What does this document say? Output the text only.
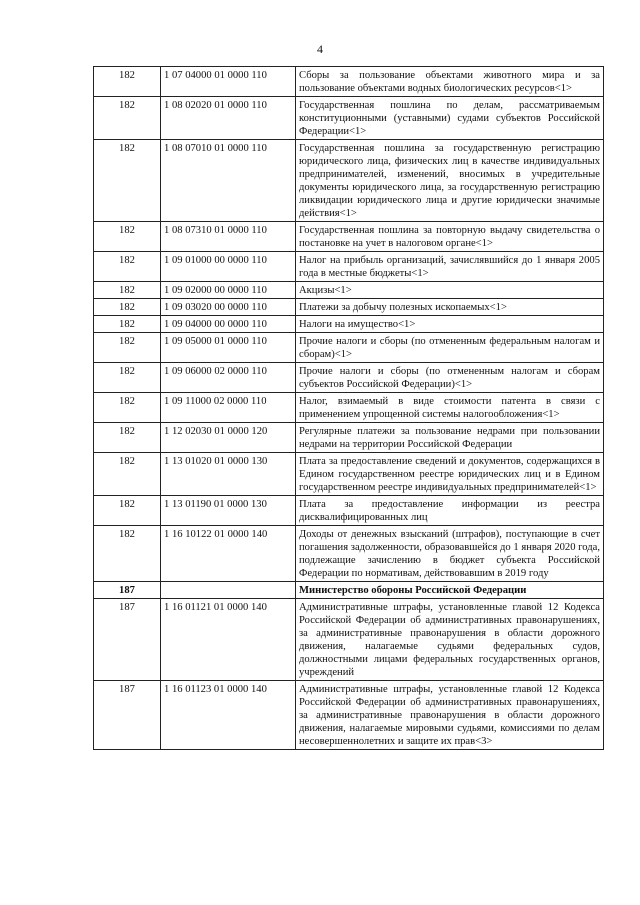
4
182	1 07 04000 01 0000 110	Сборы за пользование объектами животного мира и за пользование объектами водных биологических ресурсов<1>
182	1 08 02020 01 0000 110	Государственная пошлина по делам, рассматриваемым конституционными (уставными) судами субъектов Российской Федерации<1>
182	1 08 07010 01 0000 110	Государственная пошлина за государственную регистрацию юридического лица, физических лиц в качестве индивидуальных предпринимателей, изменений, вносимых в учредительные документы юридического лица, за государственную регистрацию ликвидации юридического лица и другие юридически значимые действия<1>
182	1 08 07310 01 0000 110	Государственная пошлина за повторную выдачу свидетельства о постановке на учет в налоговом органе<1>
182	1 09 01000 00 0000 110	Налог на прибыль организаций, зачислявшийся до 1 января 2005 года в местные бюджеты<1>
182	1 09 02000 00 0000 110	Акцизы<1>
182	1 09 03020 00 0000 110	Платежи за добычу полезных ископаемых<1>
182	1 09 04000 00 0000 110	Налоги на имущество<1>
182	1 09 05000 01 0000 110	Прочие налоги и сборы (по отмененным федеральным налогам и сборам)<1>
182	1 09 06000 02 0000 110	Прочие налоги и сборы (по отмененным налогам и сборам субъектов Российской Федерации)<1>
182	1 09 11000 02 0000 110	Налог, взимаемый в виде стоимости патента в связи с применением упрощенной системы налогообложения<1>
182	1 12 02030 01 0000 120	Регулярные платежи за пользование недрами при пользовании недрами на территории Российской Федерации
182	1 13 01020 01 0000 130	Плата за предоставление сведений и документов, содержащихся в Едином государственном реестре юридических лиц и в Едином государственном реестре индивидуальных предпринимателей<1>
182	1 13 01190 01 0000 130	Плата за предоставление информации из реестра дисквалифицированных лиц
182	1 16 10122 01 0000 140	Доходы от денежных взысканий (штрафов), поступающие в счет погашения задолженности, образовавшейся до 1 января 2020 года, подлежащие зачислению в бюджет субъекта Российской Федерации по нормативам, действовавшим в 2019 году
187		Министерство обороны Российской Федерации
187	1 16 01121 01 0000 140	Административные штрафы, установленные главой 12 Кодекса Российской Федерации об административных правонарушениях, за административные правонарушения в области дорожного движения, налагаемые судьями федеральных судов, должностными лицами федеральных государственных органов, учреждений
187	1 16 01123 01 0000 140	Административные штрафы, установленные главой 12 Кодекса Российской Федерации об административных правонарушениях, за административные правонарушения в области дорожного движения, налагаемые мировыми судьями, комиссиями по делам несовершеннолетних и защите их прав<3>
